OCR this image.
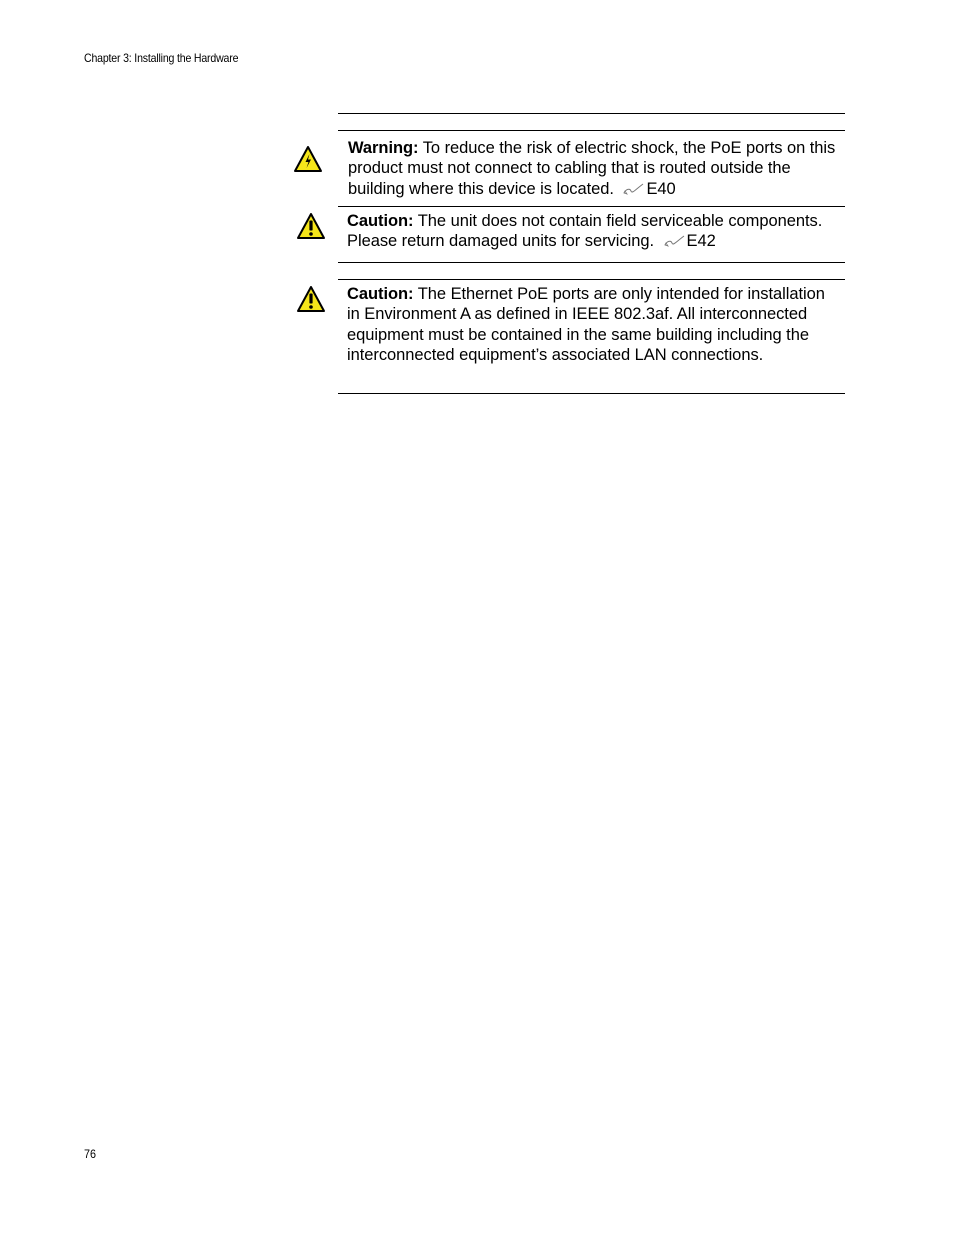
Chapter 3: Installing the Hardware
Warning: To reduce the risk of electric shock, the PoE ports on this product must not connect to cabling that is routed outside the building where this device is located. E40
Caution: The unit does not contain field serviceable components. Please return damaged units for servicing. E42
Caution: The Ethernet PoE ports are only intended for installation in Environment A as defined in IEEE 802.3af. All interconnected equipment must be contained in the same building including the interconnected equipment’s associated LAN connections.
76
